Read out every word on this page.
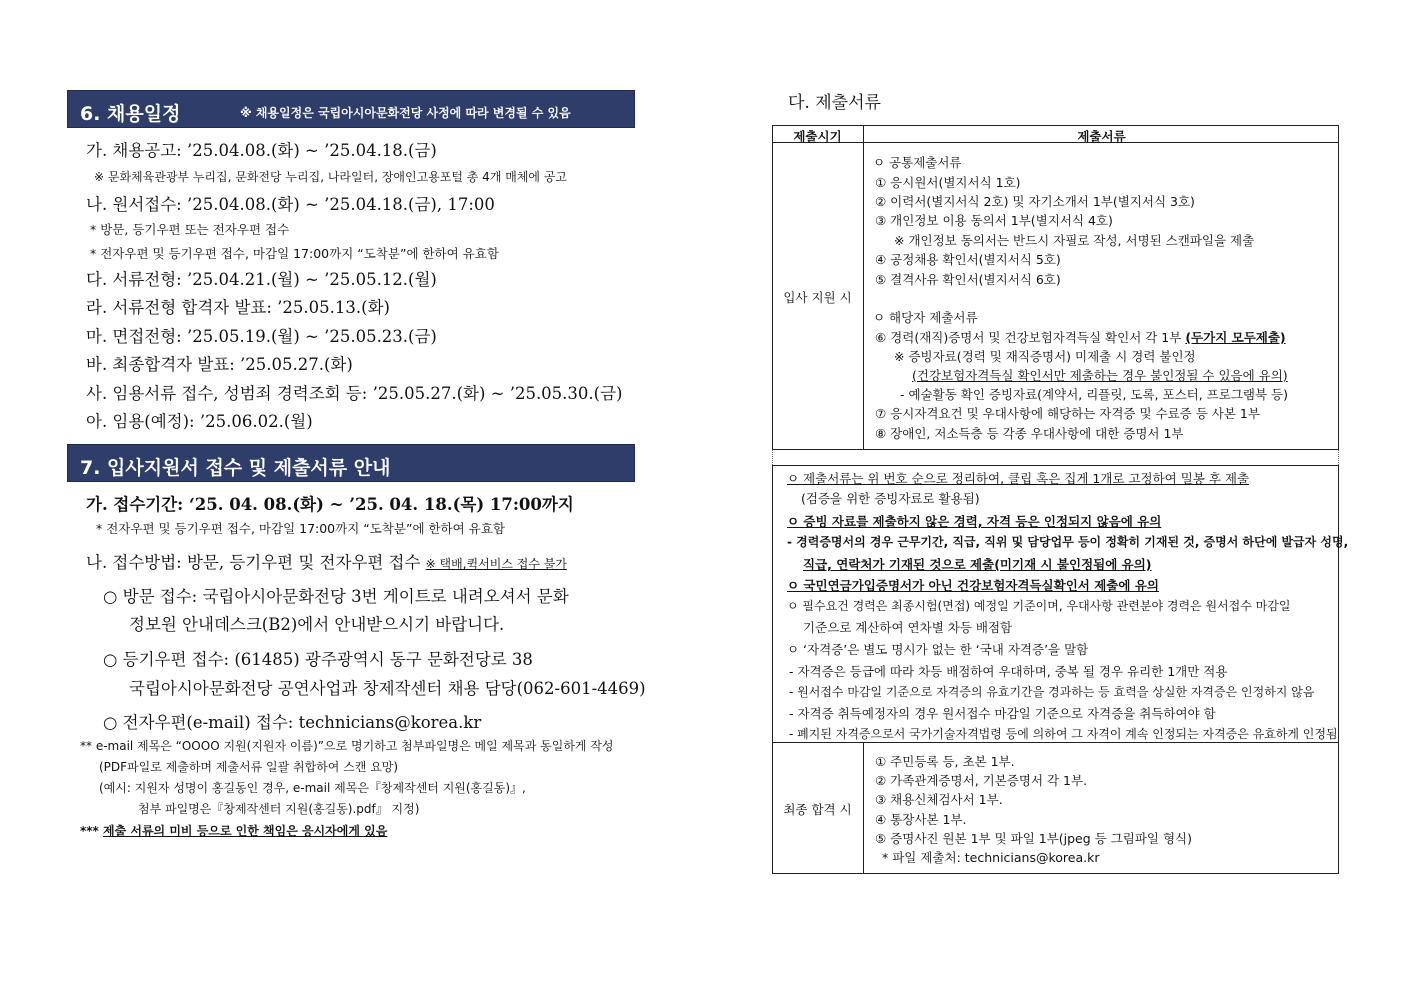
6. 채용일정	※ 채용일정은 국립아시아문화전당 사정에 따라 변경될 수 있음
가. 채용공고: ’25.04.08.(화) ~ ’25.04.18.(금)
※ 문화체육관광부 누리집, 문화전당 누리집, 나라일터, 장애인고용포털 총 4개 매체에 공고
나. 원서접수: ’25.04.08.(화) ~ ’25.04.18.(금), 17:00
* 방문, 등기우편 또는 전자우편 접수
* 전자우편 및 등기우편 접수, 마감일 17:00까지 “도착분”에 한하여 유효함
다. 서류전형: ’25.04.21.(월) ~ ’25.05.12.(월)
라. 서류전형 합격자 발표: ’25.05.13.(화)
마. 면접전형: ’25.05.19.(월) ~ ’25.05.23.(금)
바. 최종합격자 발표: ’25.05.27.(화)
사. 임용서류 접수, 성범죄 경력조회 등: ’25.05.27.(화) ~ ’25.05.30.(금)
아. 임용(예정): ’25.06.02.(월)
7. 입사지원서 접수 및 제출서류 안내
가. 접수기간: ‘25. 04. 08.(화) ~ ’25. 04. 18.(목) 17:00까지
* 전자우편 및 등기우편 접수, 마감일 17:00까지 “도착분”에 한하여 유효함
나. 접수방법: 방문, 등기우편 및 전자우편 접수 ※ 택배,퀵서비스 접수 불가
○ 방문 접수: 국립아시아문화전당 3번 게이트로 내려오셔서 문화
정보원 안내데스크(B2)에서 안내받으시기 바랍니다.
○ 등기우편 접수: (61485) 광주광역시 동구 문화전당로 38
국립아시아문화전당 공연사업과 창제작센터 채용 담당(062-601-4469)
○ 전자우편(e-mail) 접수: technicians@korea.kr
** e-mail 제목은 “OOOO 지원(지원자 이름)”으로 명기하고 첨부파일명은 메일 제목과 동일하게 작성
(PDF파일로 제출하며 제출서류 일괄 취합하여 스캔 요망)
(예시: 지원자 성명이 홍길동인 경우, e-mail 제목은『창제작센터 지원(홍길동)』,
첨부 파일명은『창제작센터 지원(홍길동).pdf』 지정)
*** 제출 서류의 미비 등으로 인한 책임은 응시자에게 있음
다. 제출서류
제출시기	제출서류
입사 지원 시
ㅇ 공통제출서류
① 응시원서(별지서식 1호)
② 이력서(별지서식 2호) 및 자기소개서 1부(별지서식 3호)
③ 개인정보 이용 동의서 1부(별지서식 4호)
※ 개인정보 동의서는 반드시 자필로 작성, 서명된 스캔파일을 제출
④ 공정채용 확인서(별지서식 5호)
⑤ 결격사유 확인서(별지서식 6호)
ㅇ 해당자 제출서류
⑥ 경력(재직)증명서 및 건강보험자격득실 확인서 각 1부 (두가지 모두제출)
※ 증빙자료(경력 및 재직증명서) 미제출 시 경력 불인정
(건강보험자격득실 확인서만 제출하는 경우 불인정될 수 있음에 유의)
- 예술활동 확인 증빙자료(계약서, 리플릿, 도록, 포스터, 프로그램북 등)
⑦ 응시자격요건 및 우대사항에 해당하는 자격증 및 수료증 등 사본 1부
⑧ 장애인, 저소득층 등 각종 우대사항에 대한 증명서 1부
ㅇ 제출서류는 위 번호 순으로 정리하여, 클립 혹은 집게 1개로 고정하여 밀봉 후 제출
(검증을 위한 증빙자료로 활용됨)
ㅇ 증빙 자료를 제출하지 않은 경력, 자격 등은 인정되지 않음에 유의
- 경력증명서의 경우 근무기간, 직급, 직위 및 담당업무 등이 정확히 기재된 것, 증명서 하단에 발급자 성명,
직급, 연락처가 기재된 것으로 제출(미기재 시 불인정됨에 유의)
ㅇ 국민연금가입증명서가 아닌 건강보험자격득실확인서 제출에 유의
ㅇ 필수요건 경력은 최종시험(면접) 예정일 기준이며, 우대사항 관련분야 경력은 원서접수 마감일
기준으로 계산하여 연차별 차등 배점함
ㅇ ‘자격증’은 별도 명시가 없는 한 ‘국내 자격증’을 말함
- 자격증은 등급에 따라 차등 배점하여 우대하며, 중복 될 경우 유리한 1개만 적용
- 원서접수 마감일 기준으로 자격증의 유효기간을 경과하는 등 효력을 상실한 자격증은 인정하지 않음
- 자격증 취득예정자의 경우 원서접수 마감일 기준으로 자격증을 취득하여야 함
- 폐지된 자격증으로서 국가기술자격법령 등에 의하여 그 자격이 계속 인정되는 자격증은 유효하게 인정됨
최종 합격 시
① 주민등록 등, 초본 1부.
② 가족관계증명서, 기본증명서 각 1부.
③ 채용신체검사서 1부.
④ 통장사본 1부.
⑤ 증명사진 원본 1부 및 파일 1부(jpeg 등 그림파일 형식)
* 파일 제출처: technicians@korea.kr
